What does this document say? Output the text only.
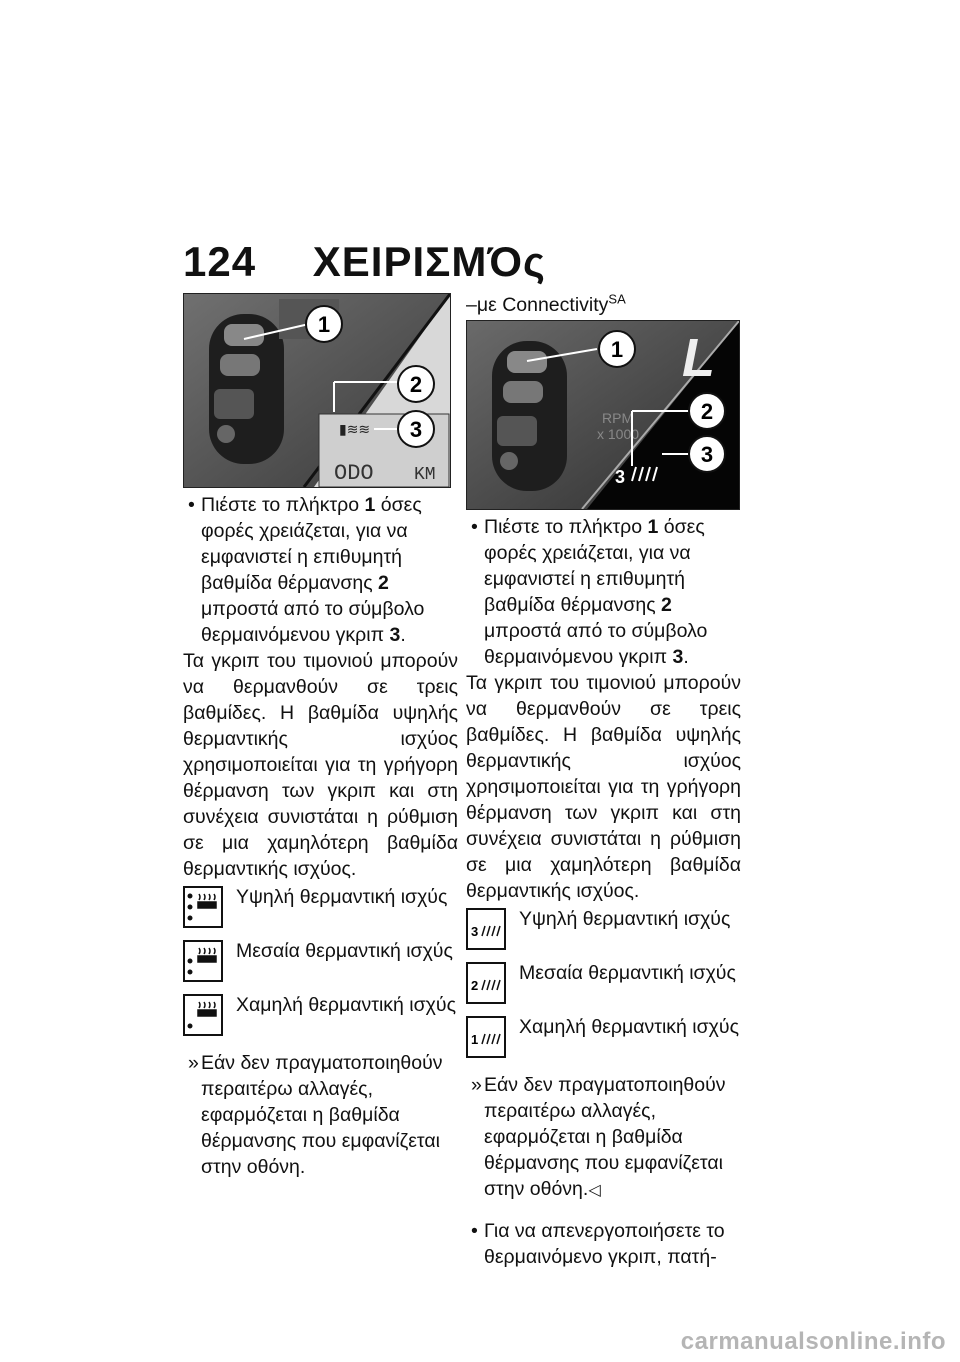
124 ΧΕΙΡΙΣΜΌς
▮≋≋
ODO KM
1
2
3

• Πιέστε το πλήκτρο 1 όσες φορές χρειάζεται, για να εμφανιστεί η επιθυμητή βαθμίδα θέρμανσης 2 μπροστά από το σύμβολο θερμαινόμενου γκριπ 3.

Τα γκριπ του τιμονιού μπορούν να θερμανθούν σε τρεις βαθμίδες. Η βαθμίδα υψηλής θερμαντικής ισχύος χρησιμοποιείται για τη γρήγορη θέρμανση των γκριπ και στη συνέχεια συνιστάται η ρύθμιση σε μια χαμηλότερη βαθμίδα θερμαντικής ισχύος.

Υψηλή θερμαντική ισχύς
Μεσαία θερμαντική ισχύς
Χαμηλή θερμαντική ισχύς

» Εάν δεν πραγματοποιηθούν περαιτέρω αλλαγές, εφαρμόζεται η βαθμίδα θέρμανσης που εμφανίζεται στην οθόνη.

–με Connectivity$^{SA}$

L
RPM
x 1000
3
1
2
3

• Πιέστε το πλήκτρο 1 όσες φορές χρειάζεται, για να εμφανιστεί η επιθυμητή βαθμίδα θέρμανσης 2 μπροστά από το σύμβολο θερμαινόμενου γκριπ 3.

Τα γκριπ του τιμονιού μπορούν να θερμανθούν σε τρεις βαθμίδες. Η βαθμίδα υψηλής θερμαντικής ισχύος χρησιμοποιείται για τη γρήγορη θέρμανση των γκριπ και στη συνέχεια συνιστάται η ρύθμιση σε μια χαμηλότερη βαθμίδα θερμαντικής ισχύος.

3
Υψηλή θερμαντική ισχύς
2
Μεσαία θερμαντική ισχύς
1
Χαμηλή θερμαντική ισχύς

» Εάν δεν πραγματοποιηθούν περαιτέρω αλλαγές, εφαρμόζεται η βαθμίδα θέρμανσης που εμφανίζεται στην οθόνη.◁

• Για να απενεργοποιήσετε το θερμαινόμενο γκριπ, πατή-

carmanualsonline.info
